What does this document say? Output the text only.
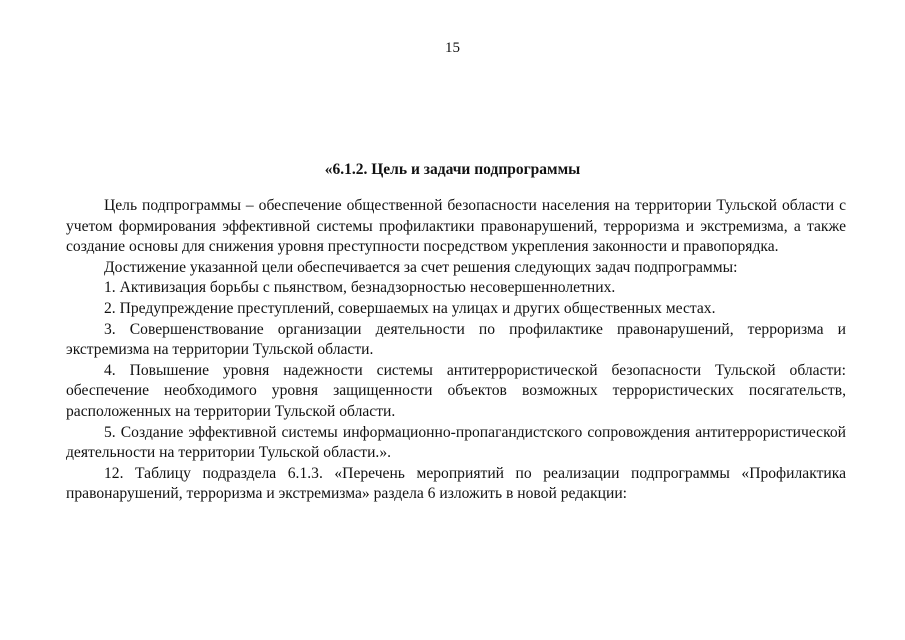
15
«6.1.2. Цель и задачи подпрограммы

Цель подпрограммы – обеспечение общественной безопасности населения на территории Тульской области с учетом формирования эффективной системы профилактики правонарушений, терроризма и экстремизма, а также создание основы для снижения уровня преступности посредством укрепления законности и правопорядка.

Достижение указанной цели обеспечивается за счет решения следующих задач подпрограммы:

1. Активизация борьбы с пьянством, безнадзорностью несовершеннолетних.

2. Предупреждение преступлений, совершаемых на улицах и других общественных местах.

3. Совершенствование организации деятельности по профилактике правонарушений, терроризма и экстремизма на территории Тульской области.

4. Повышение уровня надежности системы антитеррористической безопасности Тульской области: обеспечение необходимого уровня защищенности объектов возможных террористических посягательств, расположенных на территории Тульской области.

5. Создание эффективной системы информационно-пропагандистского сопровождения антитеррористической деятельности на территории Тульской области.».

12. Таблицу подраздела 6.1.3. «Перечень мероприятий по реализации подпрограммы «Профилактика правонарушений, терроризма и экстремизма» раздела 6 изложить в новой редакции:
